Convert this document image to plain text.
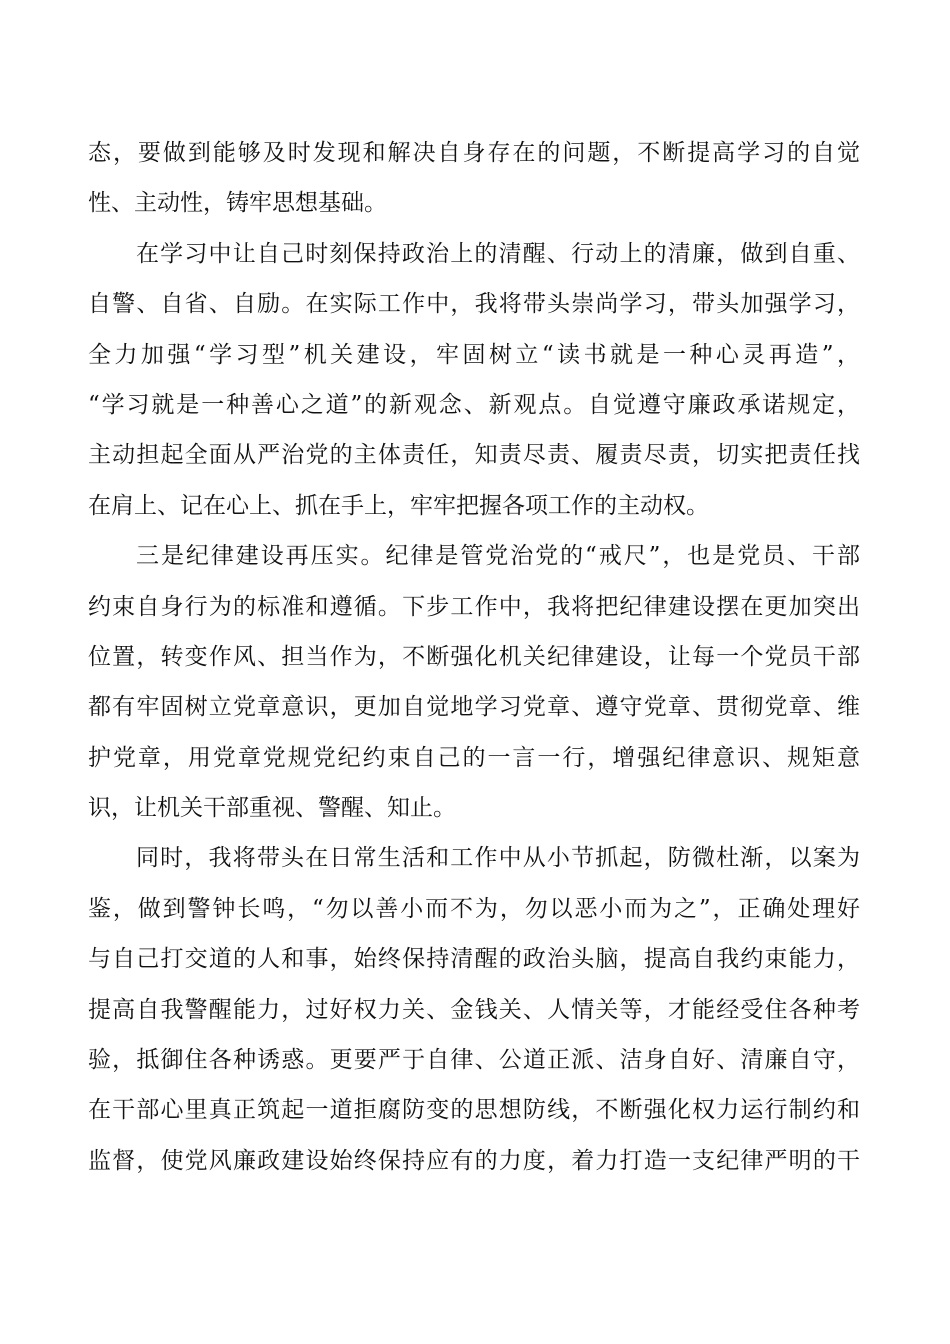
态，要做到能够及时发现和解决自身存在的问题，不断提高学习的自觉
性、主动性，铸牢思想基础。
在学习中让自己时刻保持政治上的清醒、行动上的清廉，做到自重、
自警、自省、自励。在实际工作中，我将带头崇尚学习，带头加强学习，
全力加强“学习型”机关建设，牢固树立“读书就是一种心灵再造”，
“学习就是一种善心之道”的新观念、新观点。自觉遵守廉政承诺规定，
主动担起全面从严治党的主体责任，知责尽责、履责尽责，切实把责任找
在肩上、记在心上、抓在手上，牢牢把握各项工作的主动权。
三是纪律建设再压实。纪律是管党治党的“戒尺”，也是党员、干部
约束自身行为的标准和遵循。下步工作中，我将把纪律建设摆在更加突出
位置，转变作风、担当作为，不断强化机关纪律建设，让每一个党员干部
都有牢固树立党章意识，更加自觉地学习党章、遵守党章、贯彻党章、维
护党章，用党章党规党纪约束自己的一言一行，增强纪律意识、规矩意
识，让机关干部重视、警醒、知止。
同时，我将带头在日常生活和工作中从小节抓起，防微杜渐，以案为
鉴，做到警钟长鸣，“勿以善小而不为，勿以恶小而为之”，正确处理好
与自己打交道的人和事，始终保持清醒的政治头脑，提高自我约束能力，
提高自我警醒能力，过好权力关、金钱关、人情关等，才能经受住各种考
验，抵御住各种诱惑。更要严于自律、公道正派、洁身自好、清廉自守，
在干部心里真正筑起一道拒腐防变的思想防线，不断强化权力运行制约和
监督，使党风廉政建设始终保持应有的力度，着力打造一支纪律严明的干
